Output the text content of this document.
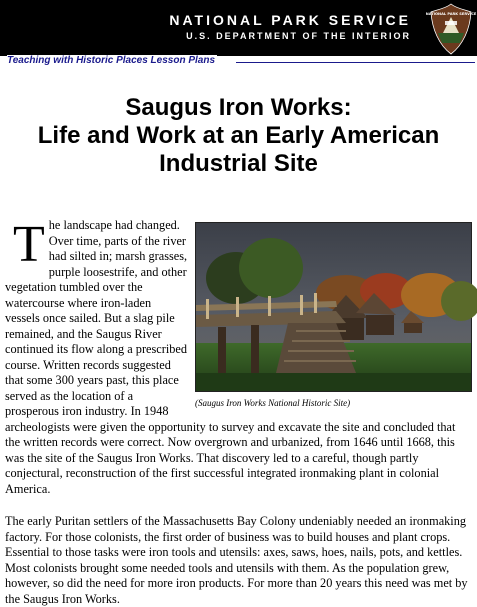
NATIONAL PARK SERVICE
U.S. DEPARTMENT OF THE INTERIOR
NATIONAL PARK SERVICE
Teaching with Historic Places Lesson Plans
Saugus Iron Works:
Life and Work at an Early American
Industrial Site
(Saugus Iron Works National Historic Site)
T he landscape had changed. Over time, parts of the river had silted in; marsh grasses, purple loosestrife, and other vegetation tumbled over the watercourse where iron-laden vessels once sailed. But a slag pile remained, and the Saugus River continued its flow along a prescribed course. Written records suggested that some 300 years past, this place served as the location of a prosperous iron industry. In 1948 archeologists were given the opportunity to survey and excavate the site and concluded that the written records were correct. Now overgrown and urbanized, from 1646 until 1668, this was the site of the Saugus Iron Works. That discovery led to a careful, though partly conjectural, reconstruction of the first successful integrated ironmaking plant in colonial America.

The early Puritan settlers of the Massachusetts Bay Colony undeniably needed an ironmaking factory. For those colonists, the first order of business was to build houses and plant crops. Essential to those tasks were iron tools and utensils: axes, saws, hoes, nails, pots, and kettles. Most colonists brought some needed tools and utensils with them. As the population grew, however, so did the need for more iron products. For more than 20 years this need was met by the Saugus Iron Works.
